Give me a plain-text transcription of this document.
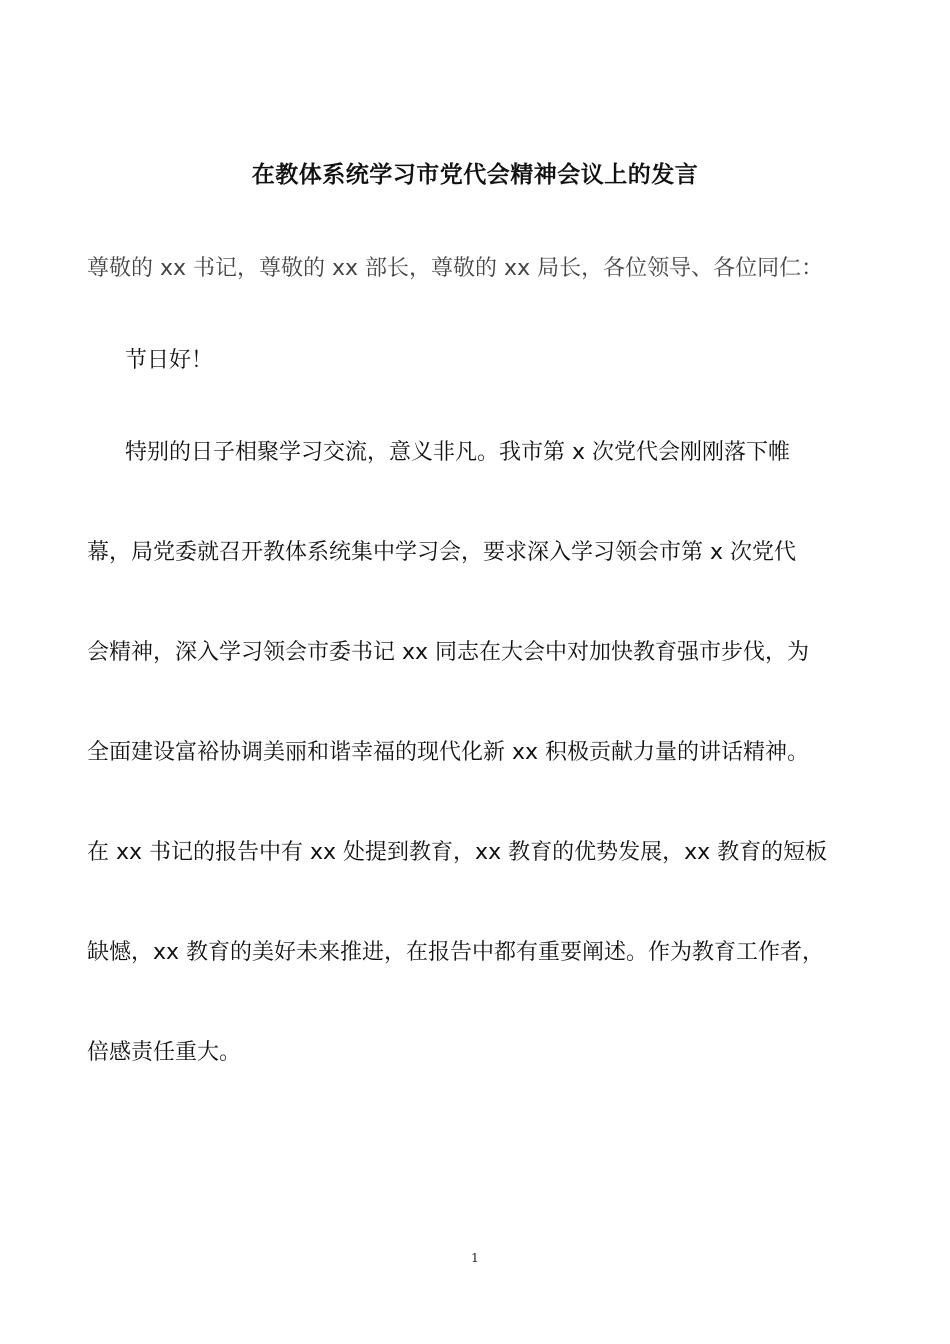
在教体系统学习市党代会精神会议上的发言
尊敬的 xx 书记，尊敬的 xx 部长，尊敬的 xx 局长，各位领导、各位同仁：
节日好！
特别的日子相聚学习交流，意义非凡。我市第 x 次党代会刚刚落下帷
幕，局党委就召开教体系统集中学习会，要求深入学习领会市第 x 次党代
会精神，深入学习领会市委书记 xx 同志在大会中对加快教育强市步伐，为
全面建设富裕协调美丽和谐幸福的现代化新 xx 积极贡献力量的讲话精神。
在 xx 书记的报告中有 xx 处提到教育，xx 教育的优势发展，xx 教育的短板
缺憾，xx 教育的美好未来推进，在报告中都有重要阐述。作为教育工作者，
倍感责任重大。
1
